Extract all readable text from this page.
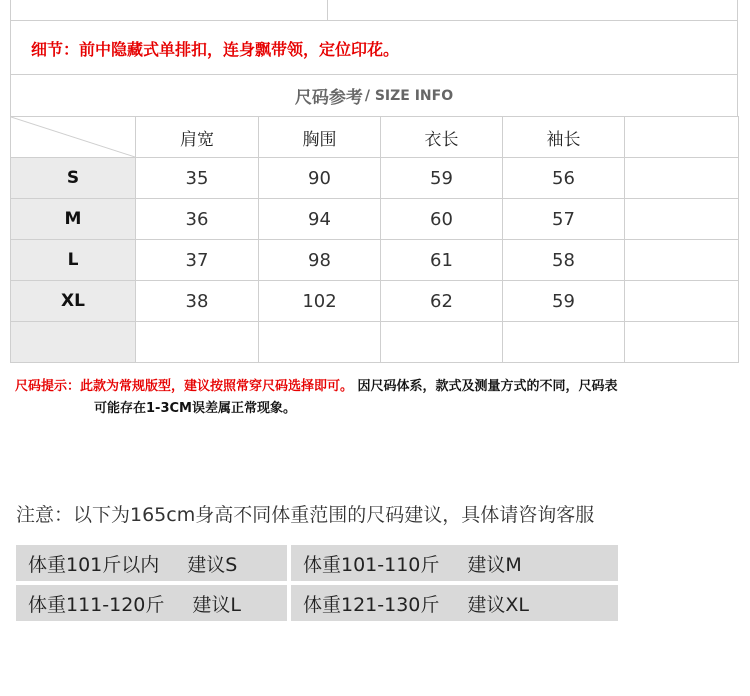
细节：前中隐藏式单排扣，连身飘带领，定位印花。
尺码参考 / SIZE INFO
	肩宽	胸围	衣长	袖长	
S	35	90	59	56	
M	36	94	60	57	
L	37	98	61	58	
XL	38	102	62	59	

尺码提示：此款为常规版型，建议按照常穿尺码选择即可。 因尺码体系，款式及测量方式的不同，尺码表
可能存在1-3CM误差属正常现象。
注意：以下为165cm身高不同体重范围的尺码建议，具体请咨询客服
体重101斤以内 建议S	体重101-110斤 建议M
体重111-120斤 建议L	体重121-130斤 建议XL
